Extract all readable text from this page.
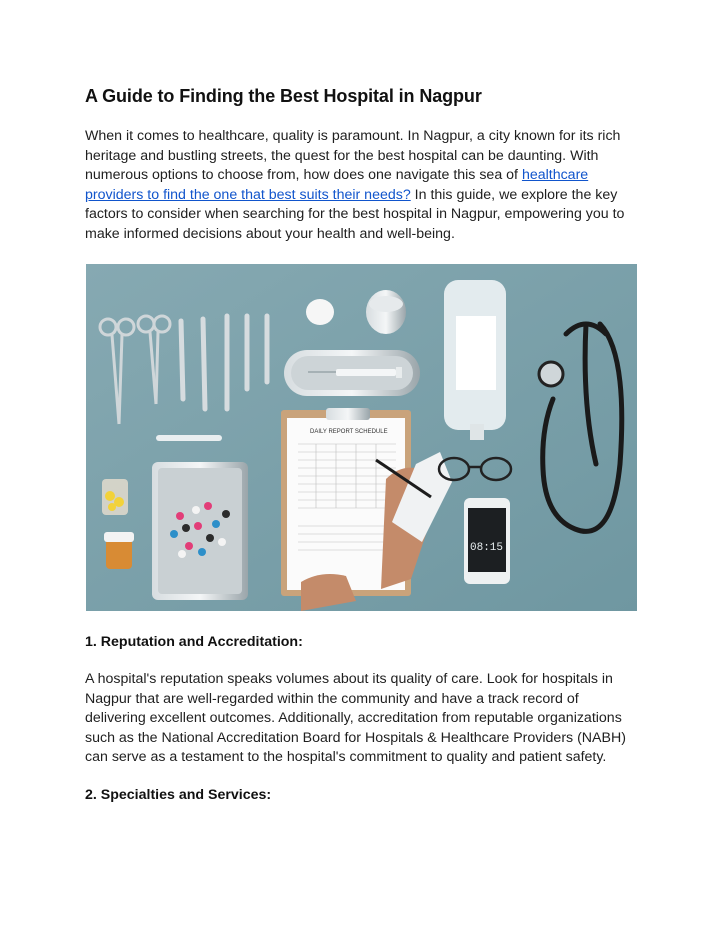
A Guide to Finding the Best Hospital in Nagpur

When it comes to healthcare, quality is paramount. In Nagpur, a city known for its rich heritage and bustling streets, the quest for the best hospital can be daunting. With numerous options to choose from, how does one navigate this sea of healthcare providers to find the one that best suits their needs? In this guide, we explore the key factors to consider when searching for the best hospital in Nagpur, empowering you to make informed decisions about your health and well-being.

DAILY REPORT SCHEDULE
08:15
1. Reputation and Accreditation:

A hospital's reputation speaks volumes about its quality of care. Look for hospitals in Nagpur that are well-regarded within the community and have a track record of delivering excellent outcomes. Additionally, accreditation from reputable organizations such as the National Accreditation Board for Hospitals & Healthcare Providers (NABH) can serve as a testament to the hospital's commitment to quality and patient safety.

2. Specialties and Services:
